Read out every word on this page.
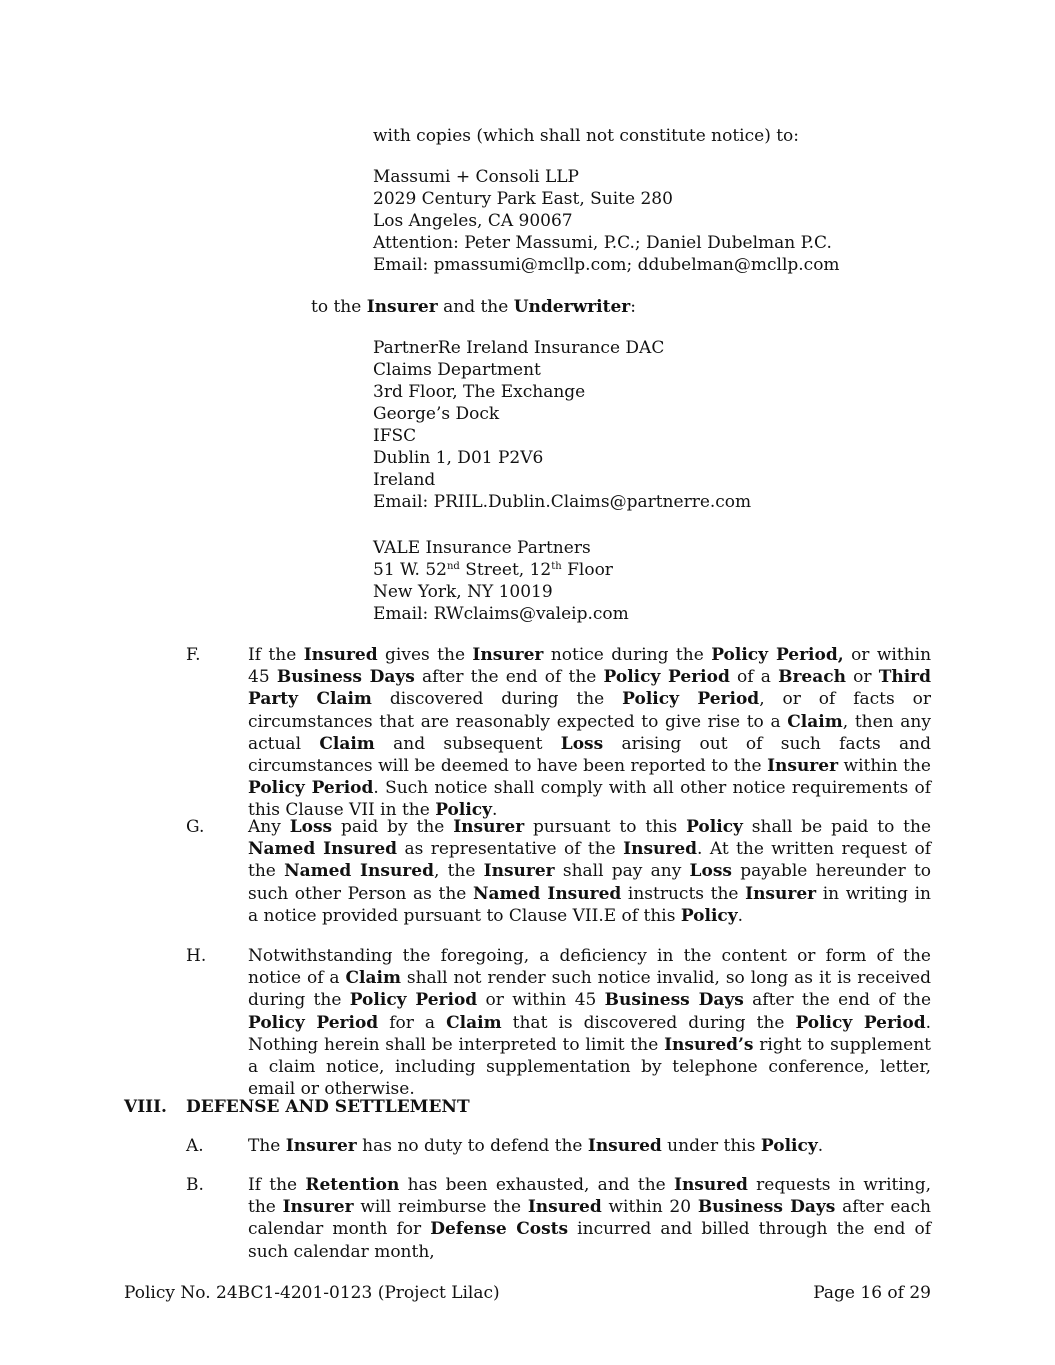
with copies (which shall not constitute notice) to:
Massumi + Consoli LLP
2029 Century Park East, Suite 280
Los Angeles, CA 90067
Attention: Peter Massumi, P.C.; Daniel Dubelman P.C.
Email: pmassumi@mcllp.com; ddubelman@mcllp.com
to the Insurer and the Underwriter:
PartnerRe Ireland Insurance DAC
Claims Department
3rd Floor, The Exchange
George’s Dock
IFSC
Dublin 1, D01 P2V6
Ireland
Email: PRIIL.Dublin.Claims@partnerre.com
VALE Insurance Partners
51 W. 52nd Street, 12th Floor
New York, NY 10019
Email: RWclaims@valeip.com
F.	If the Insured gives the Insurer notice during the Policy Period, or within 45 Business Days after the end of the Policy Period of a Breach or Third Party Claim discovered during the Policy Period, or of facts or circumstances that are reasonably expected to give rise to a Claim, then any actual Claim and subsequent Loss arising out of such facts and circumstances will be deemed to have been reported to the Insurer within the Policy Period. Such notice shall comply with all other notice requirements of this Clause VII in the Policy.
G.	Any Loss paid by the Insurer pursuant to this Policy shall be paid to the Named Insured as representative of the Insured. At the written request of the Named Insured, the Insurer shall pay any Loss payable hereunder to such other Person as the Named Insured instructs the Insurer in writing in a notice provided pursuant to Clause VII.E of this Policy.
H. Notwithstanding the foregoing, a deficiency in the content or form of the notice of a Claim shall not render such notice invalid, so long as it is received during the Policy Period or within 45 Business Days after the end of the Policy Period for a Claim that is discovered during the Policy Period. Nothing herein shall be interpreted to limit the Insured’s right to supplement a claim notice, including supplementation by telephone conference, letter, email or otherwise.
VIII. DEFENSE AND SETTLEMENT
A.	The Insurer has no duty to defend the Insured under this Policy.
B.	If the Retention has been exhausted, and the Insured requests in writing, the Insurer will reimburse the Insured within 20 Business Days after each calendar month for Defense Costs incurred and billed through the end of such calendar month,
Policy No. 24BC1-4201-0123 (Project Lilac)	Page 16 of 29
